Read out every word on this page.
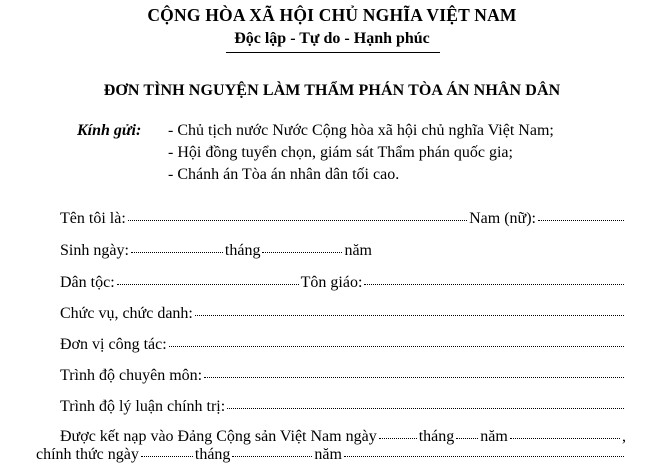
CỘNG HÒA XÃ HỘI CHỦ NGHĨA VIỆT NAM
Độc lập - Tự do - Hạnh phúc
ĐƠN TÌNH NGUYỆN LÀM THẨM PHÁN TÒA ÁN NHÂN DÂN
Kính gửi: - Chủ tịch nước Nước Cộng hòa xã hội chủ nghĩa Việt Nam;
- Hội đồng tuyển chọn, giám sát Thẩm phán quốc gia;
- Chánh án Tòa án nhân dân tối cao.
Tên tôi là:	Nam (nữ):
Sinh ngày:	tháng	năm
Dân tộc:	Tôn giáo:
Chức vụ, chức danh:
Đơn vị công tác:
Trình độ chuyên môn:
Trình độ lý luận chính trị:
Được kết nạp vào Đảng Cộng sản Việt Nam ngày	tháng năm	,
chính thức ngày	tháng	năm
